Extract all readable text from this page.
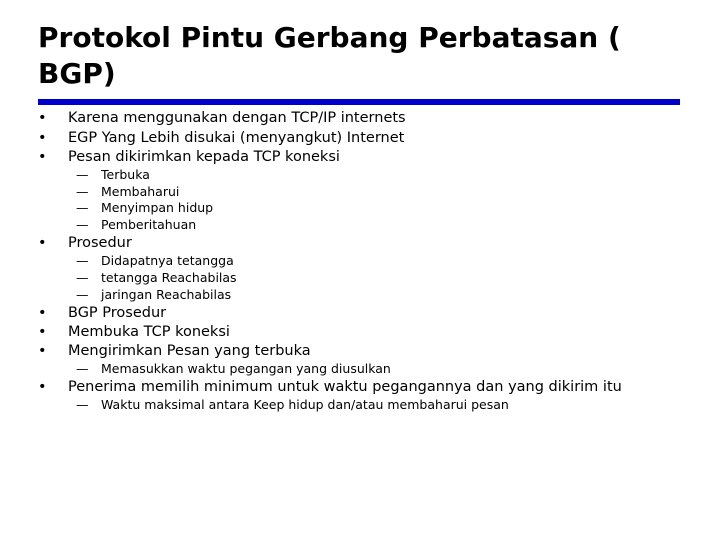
Protokol Pintu Gerbang Perbatasan ( BGP)
• Karena menggunakan dengan TCP/IP internets
• EGP Yang Lebih disukai (menyangkut) Internet
• Pesan dikirimkan kepada TCP koneksi
— Terbuka
— Membaharui
— Menyimpan hidup
— Pemberitahuan
• Prosedur
— Didapatnya tetangga
— tetangga Reachabilas
— jaringan Reachabilas
• BGP Prosedur
• Membuka TCP koneksi
• Mengirimkan Pesan yang terbuka
— Memasukkan waktu pegangan yang diusulkan
• Penerima memilih minimum untuk waktu pegangannya dan yang dikirim itu
— Waktu maksimal antara Keep hidup dan/atau membaharui pesan
